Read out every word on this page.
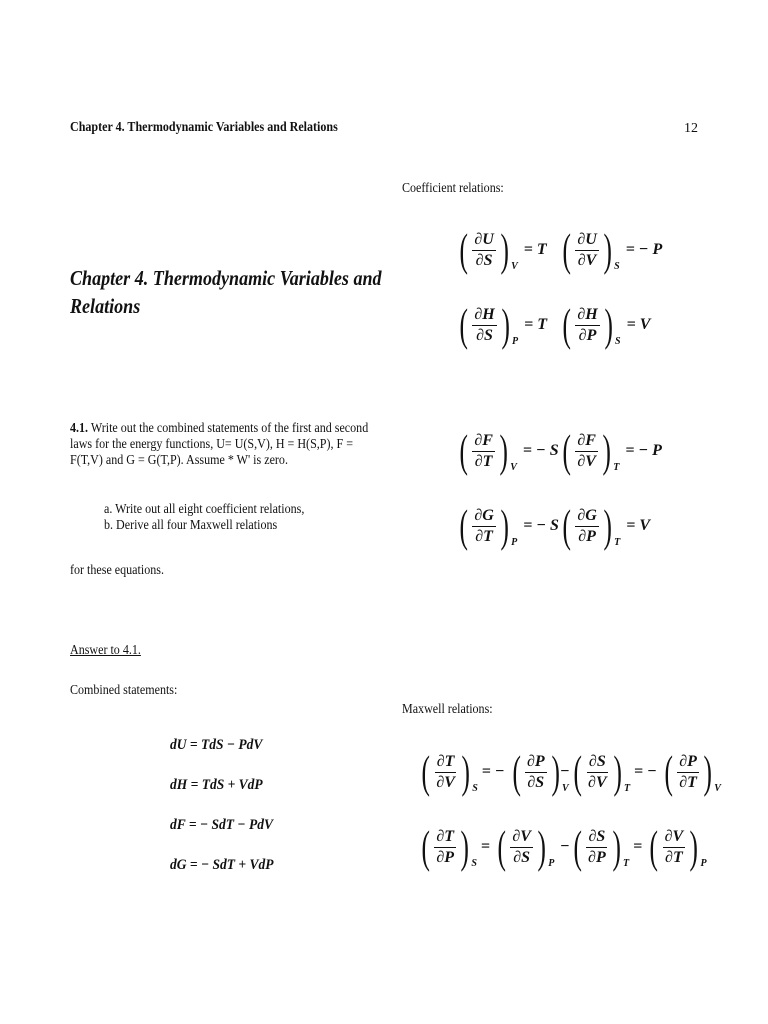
Chapter 4. Thermodynamic Variables and Relations	12
Chapter 4. Thermodynamic Variables and
Relations
4.1. Write out the combined statements of the first and second
laws for the energy functions, U= U(S,V), H = H(S,P), F =
F(T,V) and G = G(T,P). Assume * W' is zero.
a. Write out all eight coefficient relations,
b. Derive all four Maxwell relations
for these equations.
Answer to 4.1.
Combined statements:
dU = TdS − PdV
dH = TdS + VdP
dF = − SdT − PdV
dG = − SdT + VdP
Coefficient relations:
( $\frac{\partial U}{\partial S}$ ) V
= T ( $\frac{\partial U}{\partial V}$ ) S
= − P
( $\frac{\partial H}{\partial S}$ ) P
= T ( $\frac{\partial H}{\partial P}$ ) S
= V
( $\frac{\partial F}{\partial T}$ ) V
= − S ( $\frac{\partial F}{\partial V}$ ) T
= − P
( $\frac{\partial G}{\partial T}$ ) P
= − S ( $\frac{\partial G}{\partial P}$ ) T
= V
Maxwell relations:
( $\frac{\partial T}{\partial V}$ ) S
= − ( $\frac{\partial P}{\partial S}$ ) V
− ( $\frac{\partial S}{\partial V}$ ) T
= − ( $\frac{\partial P}{\partial T}$ ) V
( $\frac{\partial T}{\partial P}$ ) S
= ( $\frac{\partial V}{\partial S}$ ) P
− ( $\frac{\partial S}{\partial P}$ ) T
= ( $\frac{\partial V}{\partial T}$ ) P
